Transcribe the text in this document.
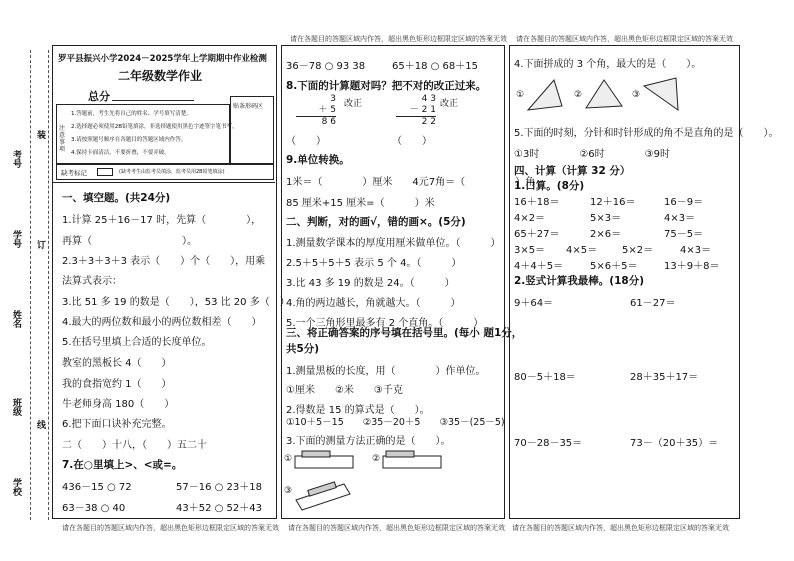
请在各题目的答题区域内作答，超出黑色矩形边框限定区域的答案无效 请在各题目的答题区域内作答，超出黑色矩形边框限定区域的答案无效
请在各题目的答题区域内作答，超出黑色矩形边框限定区域的答案无效 请在各题目的答题区域内作答，超出黑色矩形边框限定区域的答案无效 请在各题目的答题区域内作答，超出黑色矩形边框限定区域的答案无效
学校
班级
姓名
学号
考号
装
订
线
罗平县振兴小学2024－2025学年上学期期中作业检测
二年级数学作业
总分
注意事项
1.答题前，考生先将自己的姓名、学号填写清楚。
2.选择题必须使用2B铅笔填涂，非选择题使用黑色字迹签字笔书写。
3.请按照题号顺序在各题目的答题区域内作答。
4.保持卡面清洁，不要折叠，不要弄破。
贴条形码区
缺考标记	(缺考考生由监考员填涂，监考员用2B铅笔填涂)
一、填空题。(共24分)
1.计算 25＋16－17 时，先算（　　　　），
再算（　　　　　　　　　）。
2.3＋3＋3＋3 表示（　　）个（　　），用乘
法算式表示：
3.比 51 多 19 的数是（　　），53 比 20 多（　）
4.最大的两位数和最小的两位数相差（　　）
5.在括号里填上合适的长度单位。
教室的黑板长 4（　　）
我的食指宽约 1（　　）
牛老师身高 180（　　）
6.把下面口诀补充完整。
二（　　）十八，（　　）五二十
7.在○里填上>、<或=。
436－15 ○ 72	57－16 ○ 23＋18
63－38 ○ 40	43＋52 ○ 52＋43
36－78 ○ 93 38	65＋18 ○ 68＋15
8.下面的计算题对吗？把不对的改正过来。
3
＋ 5
8 6
改正
（　　）
4 3
－ 2 1
2 2
改正
（　　）
9.单位转换。
1米＝（　　　　）厘米　　4元7角＝（　　　　　）角
85 厘米+15 厘米=（　　　）米
二、判断，对的画√，错的画×。(5分)
1.测量数学课本的厚度用厘米做单位。（　　　）
2.5＋5＋5＋5 表示 5 个 4。（　　　）
3.比 43 多 19 的数是 24。（　　　）
4.角的两边越长，角就越大。（　　　）
5.一个三角形里最多有 2 个直角。（　　　）
三、将正确答案的序号填在括号里。(每小 题1分，
共5分)
1.测量黑板的长度，用（　　　　）作单位。
①厘米　　②米　　③千克
2.得数是 15 的算式是（　　）。
①10＋5－15　　②35－20＋5　　③35－(25－5)
3.下面的测量方法正确的是（　　）。
①	②
③
4.下面拼成的 3 个角，最大的是（　　）。
①	②	③
5.下面的时刻，分针和时针形成的角不是直角的是（　　）。
①3时　　　　②6时　　　　③9时
四、计算（计算 32 分）
1.口算。(8分)
16＋18＝	12＋16＝	16－9＝
4×2＝	5×3＝	4×3＝
65＋27＝	2×6＝	75－5＝
3×5＝ 4×5＝ 5×2＝	4×3＝
4＋4＋5＝	5×6＋5＝	13＋9＋8＝
2.竖式计算我最棒。(18分)
9＋64＝	61－27＝
80－5＋18＝	28＋35＋17＝
70－28－35＝	73－（20＋35）＝
